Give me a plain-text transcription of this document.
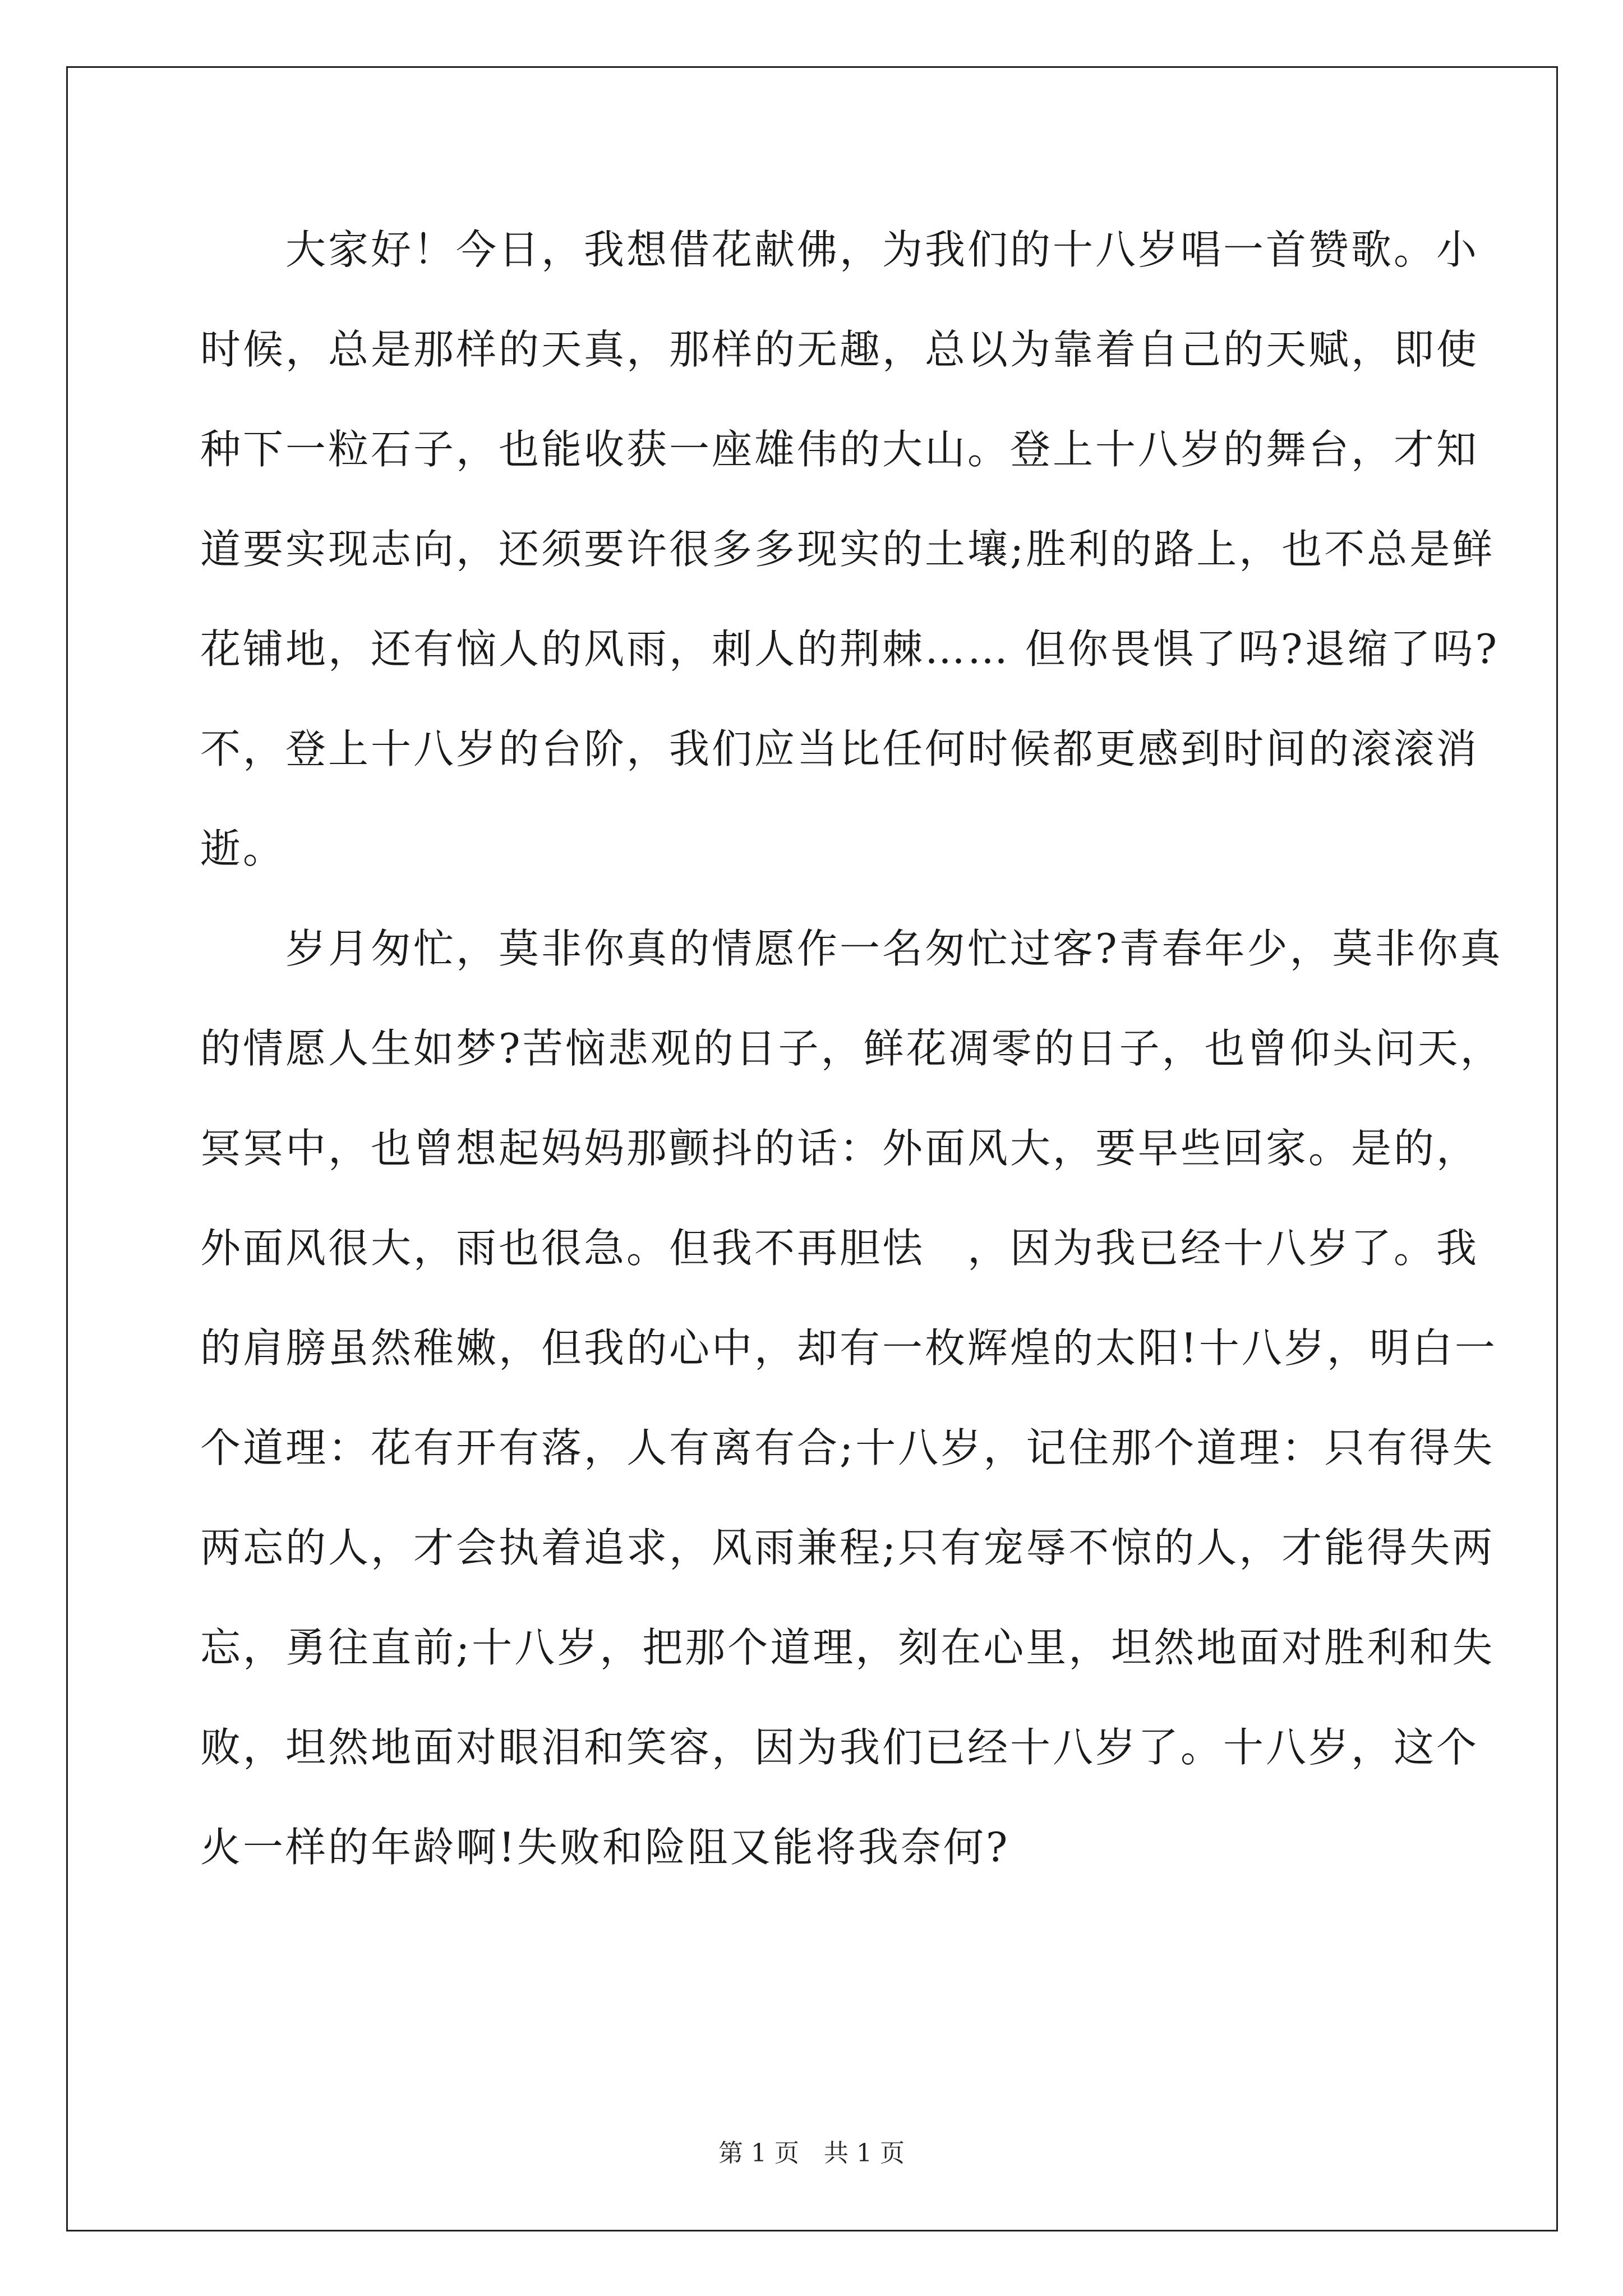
　　大家好！今日，我想借花献佛，为我们的十八岁唱一首赞歌。小
时候，总是那样的天真，那样的无趣，总以为靠着自己的天赋，即使
种下一粒石子，也能收获一座雄伟的大山。登上十八岁的舞台，才知
道要实现志向，还须要许很多多现实的土壤;胜利的路上，也不总是鲜
花铺地，还有恼人的风雨，刺人的荆棘…… 但你畏惧了吗?退缩了吗?
不，登上十八岁的台阶，我们应当比任何时候都更感到时间的滚滚消
逝。
　　岁月匆忙，莫非你真的情愿作一名匆忙过客?青春年少，莫非你真
的情愿人生如梦?苦恼悲观的日子，鲜花凋零的日子，也曾仰头问天，
冥冥中，也曾想起妈妈那颤抖的话：外面风大，要早些回家。是的，
外面风很大，雨也很急。但我不再胆怯　，因为我已经十八岁了。我
的肩膀虽然稚嫩，但我的心中，却有一枚辉煌的太阳!十八岁，明白一
个道理：花有开有落，人有离有合;十八岁，记住那个道理：只有得失
两忘的人，才会执着追求，风雨兼程;只有宠辱不惊的人，才能得失两
忘，勇往直前;十八岁，把那个道理，刻在心里，坦然地面对胜利和失
败，坦然地面对眼泪和笑容，因为我们已经十八岁了。十八岁，这个
火一样的年龄啊!失败和险阻又能将我奈何?
第 1 页　共 1 页
